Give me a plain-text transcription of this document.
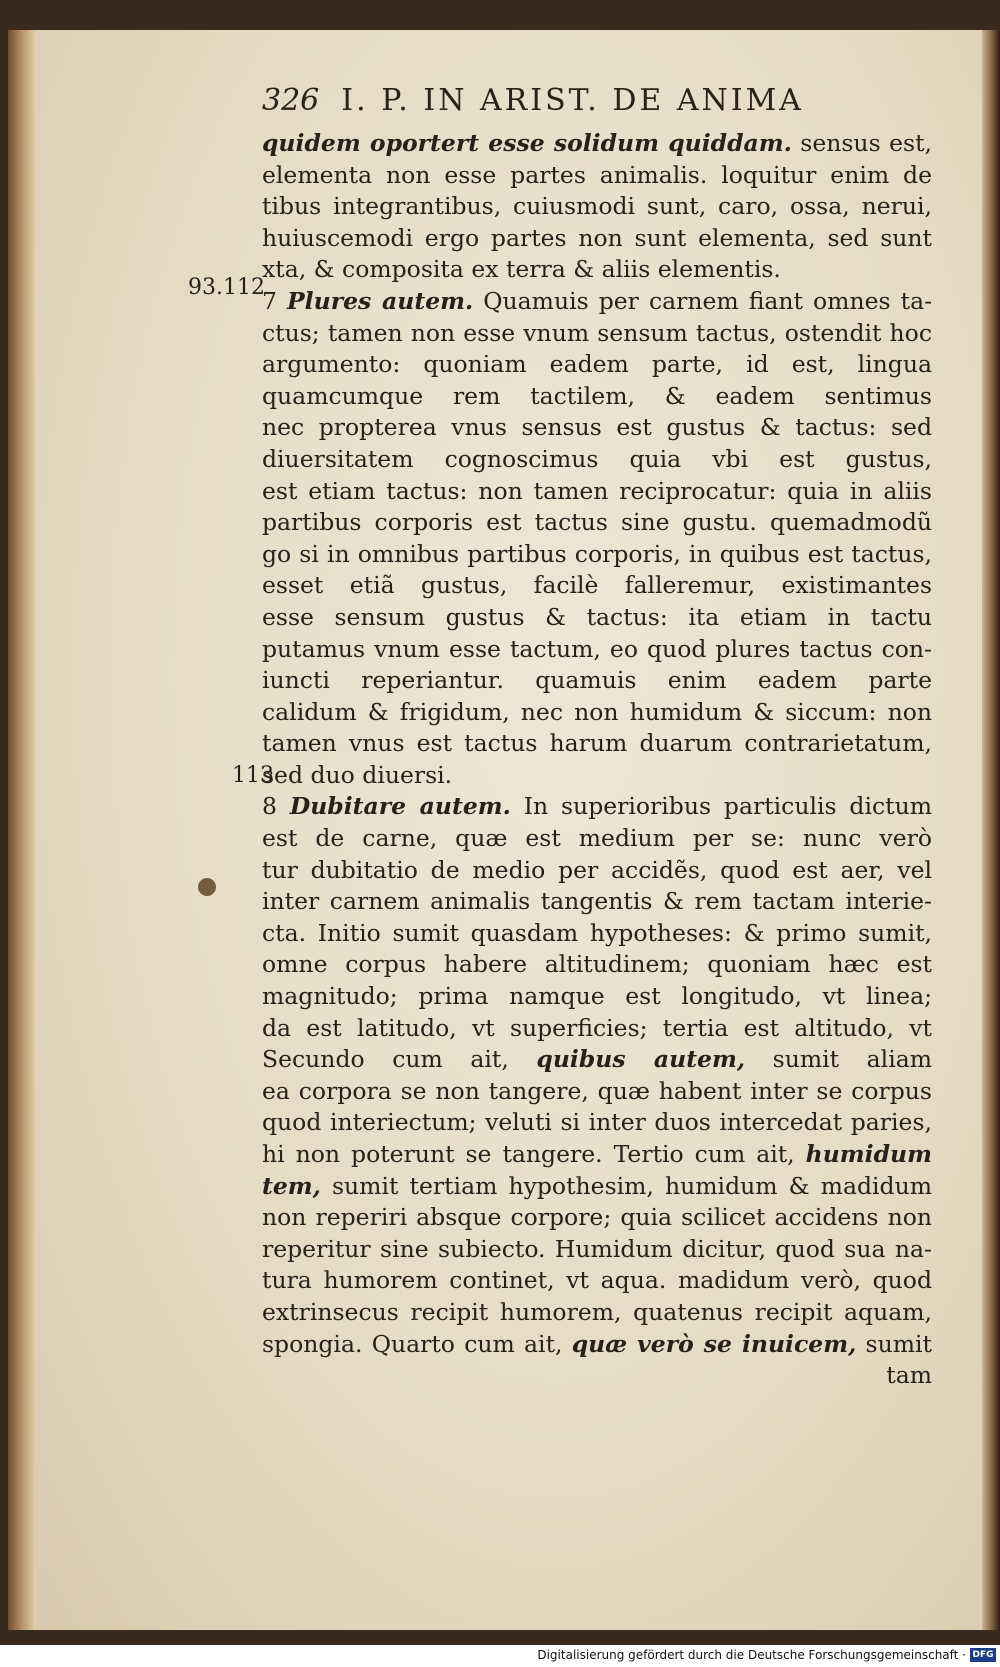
326 I. P. IN ARIST. DE ANIMA
93.112
113
quidem oportert esse solidum quiddam. sensus est,
elementa non esse partes animalis. loquitur enim de
tibus integrantibus, cuiusmodi sunt, caro, ossa, nerui,
huiuscemodi ergo partes non sunt elementa, sed sunt
xta, & composita ex terra & aliis elementis.
7 Plures autem. Quamuis per carnem fiant omnes ta-
ctus; tamen non esse vnum sensum tactus, ostendit hoc
argumento: quoniam eadem parte, id est, lingua
quamcumque rem tactilem, & eadem sentimus
nec propterea vnus sensus est gustus & tactus: sed
diuersitatem cognoscimus quia vbi est gustus,
est etiam tactus: non tamen reciprocatur: quia in aliis
partibus corporis est tactus sine gustu. quemadmodũ
go si in omnibus partibus corporis, in quibus est tactus,
esset etiã gustus, facilè falleremur, existimantes
esse sensum gustus & tactus: ita etiam in tactu
putamus vnum esse tactum, eo quod plures tactus con-
iuncti reperiantur. quamuis enim eadem parte
calidum & frigidum, nec non humidum & siccum: non
tamen vnus est tactus harum duarum contrarietatum,
sed duo diuersi.
8 Dubitare autem. In superioribus particulis dictum
est de carne, quæ est medium per se: nunc verò
tur dubitatio de medio per accidẽs, quod est aer, vel
inter carnem animalis tangentis & rem tactam interie-
cta. Initio sumit quasdam hypotheses: & primo sumit,
omne corpus habere altitudinem; quoniam hæc est
magnitudo; prima namque est longitudo, vt linea;
da est latitudo, vt superficies; tertia est altitudo, vt
Secundo cum ait, quibus autem, sumit aliam
ea corpora se non tangere, quæ habent inter se corpus
quod interiectum; veluti si inter duos intercedat paries,
hi non poterunt se tangere. Tertio cum ait, humidum
tem, sumit tertiam hypothesim, humidum & madidum
non reperiri absque corpore; quia scilicet accidens non
reperitur sine subiecto. Humidum dicitur, quod sua na-
tura humorem continet, vt aqua. madidum verò, quod
extrinsecus recipit humorem, quatenus recipit aquam,
spongia. Quarto cum ait, quæ verò se inuicem, sumit
tam
Digitalisierung gefördert durch die Deutsche Forschungsgemeinschaft · DFG
